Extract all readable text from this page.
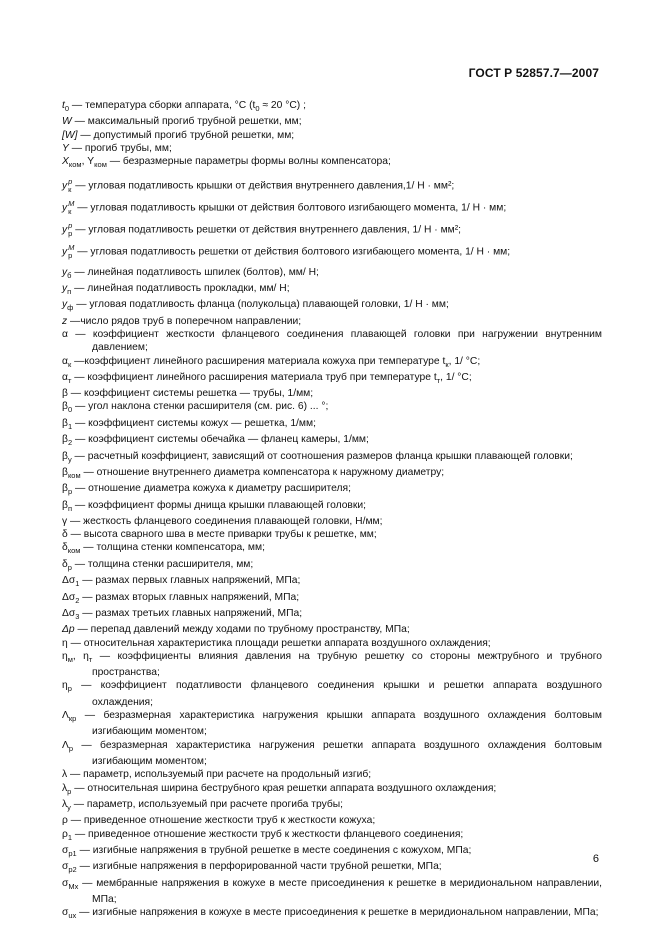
ГОСТ Р 52857.7—2007
$t_0$ — температура сборки аппарата, °С ($t_0 \approx 20$ °С) ;
W — максимальный прогиб трубной решетки, мм;
[W] — допустимый прогиб трубной решетки, мм;
Y — прогиб трубы, мм;
$X_{ком}$, $Y_{ком}$ — безразмерные параметры формы волны компенсатора;
y p
к — угловая податливость крышки от действия внутреннего давления,1/ Н · мм²;
y M
к — угловая податливость крышки от действия болтового изгибающего момента, 1/ Н · мм;
y p
р — угловая податливость решетки от действия внутреннего давления, 1/ Н · мм²;
y M
р — угловая податливость решетки от действия болтового изгибающего момента, 1/ Н · мм;
$y_б$ — линейная податливость шпилек (болтов), мм/ Н;
$y_п$ — линейная податливость прокладки, мм/ Н;
$y_ф$ — угловая податливость фланца (полукольца) плавающей головки, 1/ Н · мм;
z —число рядов труб в поперечном направлении;
α — коэффициент жесткости фланцевого соединения плавающей головки при нагружении внутренним давлением;
$\alpha_к$ —коэффициент линейного расширения материала кожуха при температуре $t_к$, 1/ °С;
$\alpha_т$ — коэффициент линейного расширения материала труб при температуре $t_т$, 1/ °С;
β — коэффициент системы решетка — трубы, 1/мм;
$\beta_0$ — угол наклона стенки расширителя (см. рис. 6) ... °;
$\beta_1$ — коэффициент системы кожух — решетка, 1/мм;
$\beta_2$ — коэффициент системы обечайка — фланец камеры, 1/мм;
$\beta_у$ — расчетный коэффициент, зависящий от соотношения размеров фланца крышки плавающей головки;
$\beta_{ком}$ — отношение внутреннего диаметра компенсатора к наружному диаметру;
$\beta_р$ — отношение диаметра кожуха к диаметру расширителя;
$\beta_п$ — коэффициент формы днища крышки плавающей головки;
γ — жесткость фланцевого соединения плавающей головки, Н/мм;
δ — высота сварного шва в месте приварки трубы к решетке, мм;
$\delta_{ком}$ — толщина стенки компенсатора, мм;
$\delta_р$ — толщина стенки расширителя, мм;
$\Delta\sigma_1$ — размах первых главных напряжений, МПа;
$\Delta\sigma_2$ — размах вторых главных напряжений, МПа;
$\Delta\sigma_3$ — размах третьих главных напряжений, МПа;
Δp — перепад давлений между ходами по трубному пространству, МПа;
η — относительная характеристика площади решетки аппарата воздушного охлаждения;
$\eta_м$, $\eta_т$ — коэффициенты влияния давления на трубную решетку со стороны межтрубного и трубного пространства;
$\eta_р$ — коэффициент податливости фланцевого соединения крышки и решетки аппарата воздушного охлаждения;
$\Lambda_{кр}$ — безразмерная характеристика нагружения крышки аппарата воздушного охлаждения болтовым изгибающим моментом;
$\Lambda_р$ — безразмерная характеристика нагружения решетки аппарата воздушного охлаждения болтовым изгибающим моментом;
λ — параметр, используемый при расчете на продольный изгиб;
$\lambda_р$ — относительная ширина беструбного края решетки аппарата воздушного охлаждения;
$\lambda_у$ — параметр, используемый при расчете прогиба трубы;
ρ — приведенное отношение жесткости труб к жесткости кожуха;
$\rho_1$ — приведенное отношение жесткости труб к жесткости фланцевого соединения;
$\sigma_{р1}$ — изгибные напряжения в трубной решетке в месте соединения с кожухом, МПа;
$\sigma_{р2}$ — изгибные напряжения в перфорированной части трубной решетки, МПа;
$\sigma_{Mx}$ — мембранные напряжения в кожухе в месте присоединения к решетке в меридиональном направлении, МПа;
$\sigma_{ux}$ — изгибные напряжения в кожухе в месте присоединения к решетке в меридиональном направлении, МПа;
6
